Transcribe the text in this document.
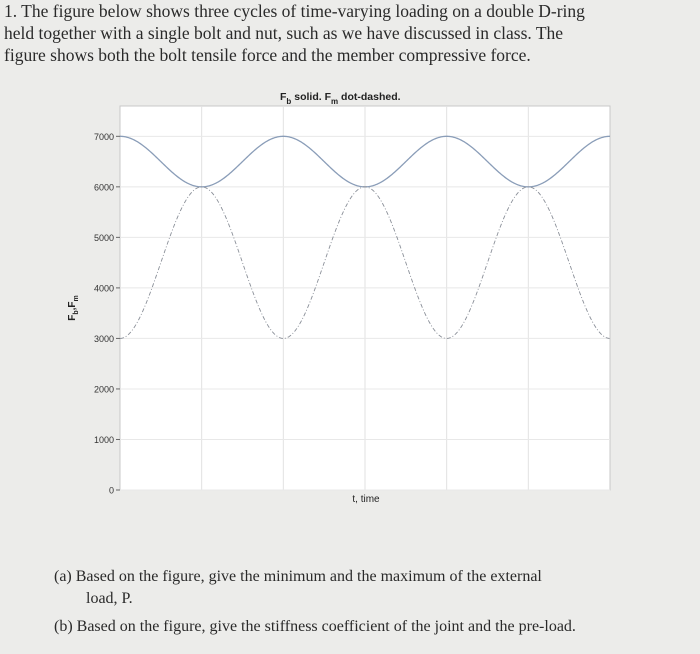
1. The figure below shows three cycles of time-varying loading on a double D-ring
held together with a single bolt and nut, such as we have discussed in class. The
figure shows both the bolt tensile force and the member compressive force.
$F_b$ solid. $F_m$ dot-dashed.
$F_b,F_m$
0
1000
2000
3000
4000
5000
6000
7000
t, time
(a) Based on the figure, give the minimum and the maximum of the external
load, P.
(b) Based on the figure, give the stiffness coefficient of the joint and the pre-load.
